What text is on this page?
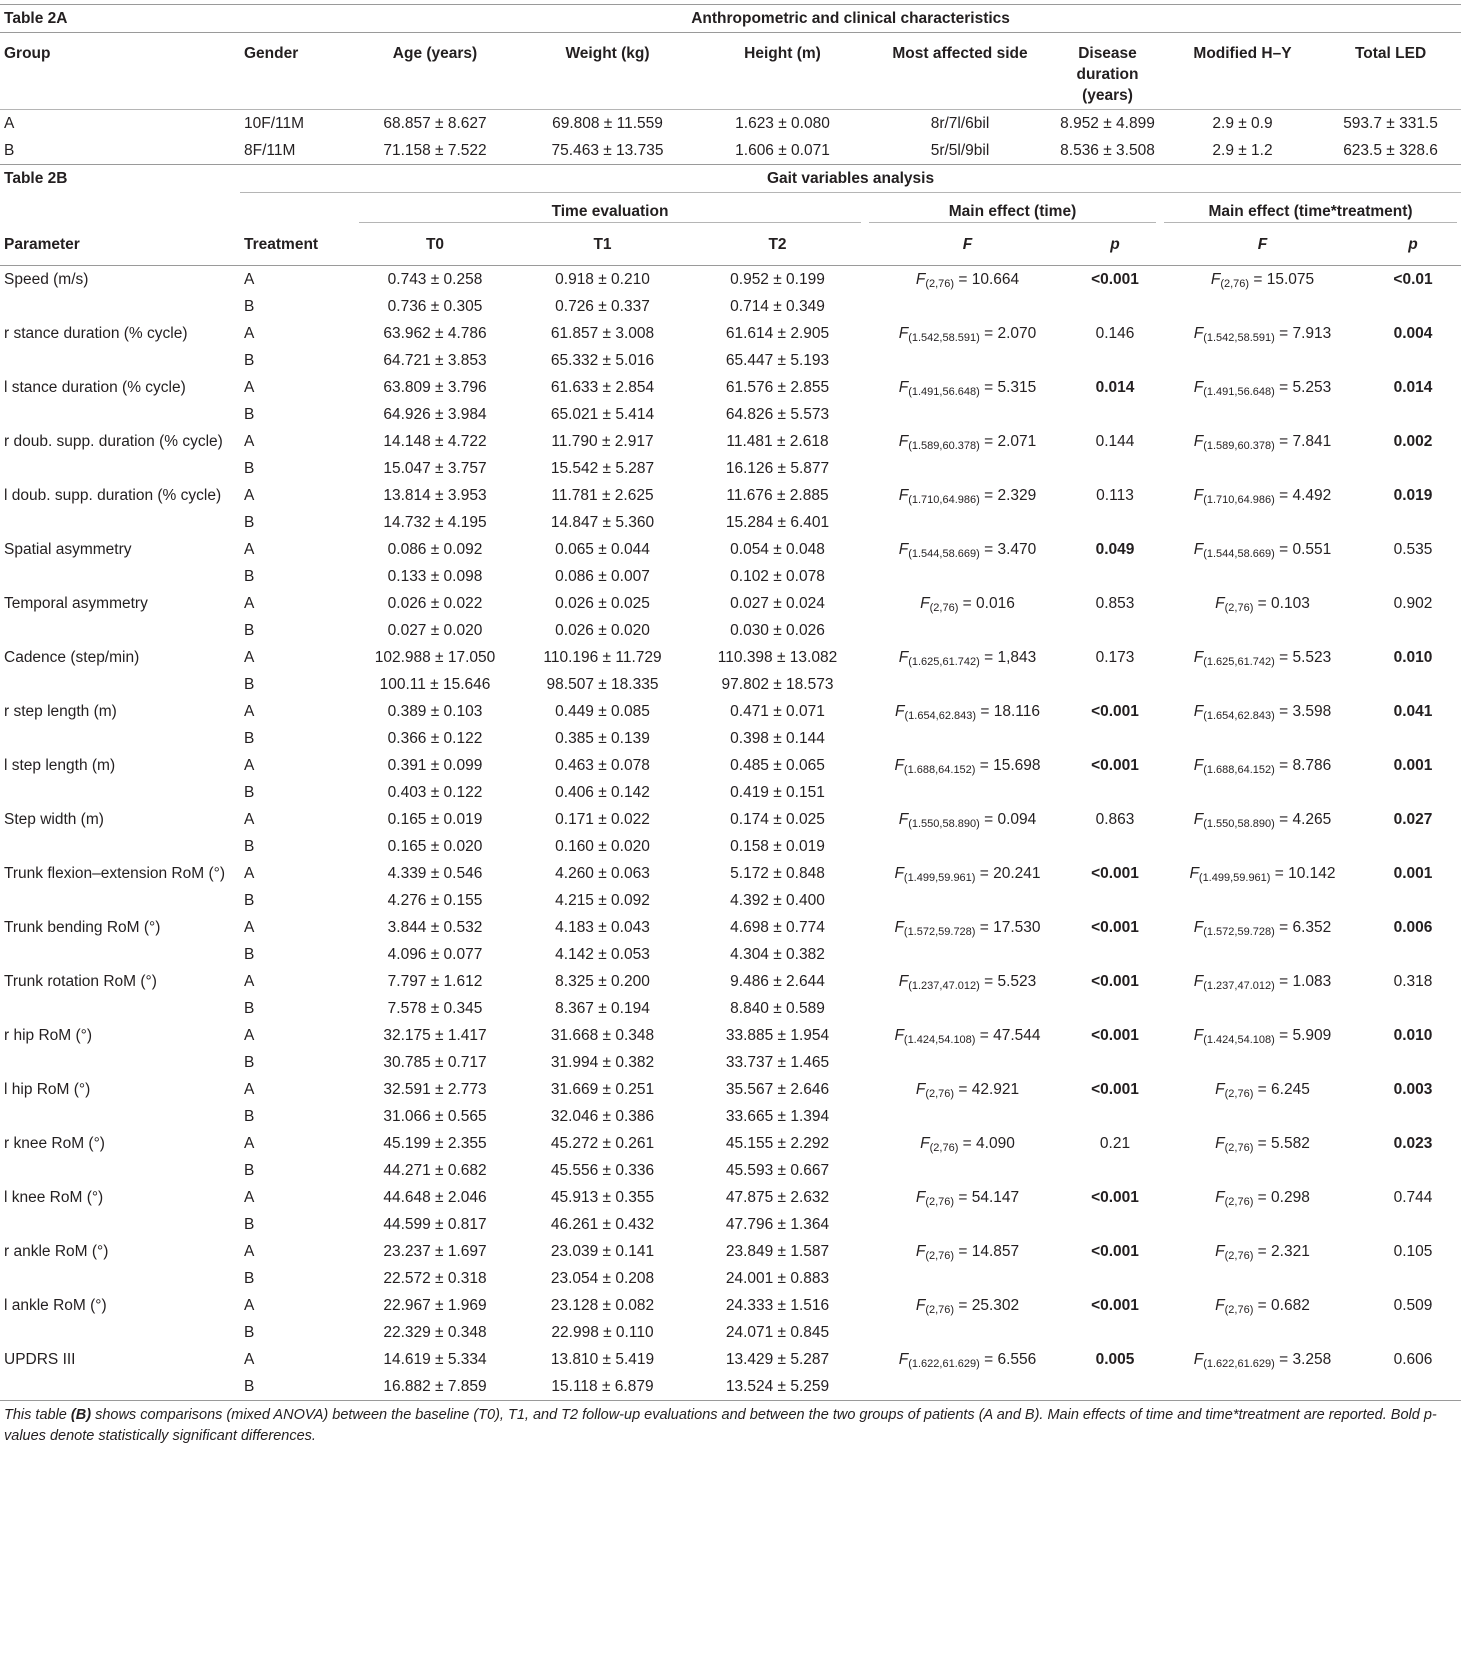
Table 2A	Anthropometric and clinical characteristics							
Group	Gender	Age (years)	Weight (kg)	Height (m)	Most affected side	Disease duration (years)	Modified H–Y	Total LED
A	10F/11M	68.857 ± 8.627	69.808 ± 11.559	1.623 ± 0.080	8r/7l/6bil	8.952 ± 4.899	2.9 ± 0.9	593.7 ± 331.5
B	8F/11M	71.158 ± 7.522	75.463 ± 13.735	1.606 ± 0.071	5r/5l/9bil	8.536 ± 3.508	2.9 ± 1.2	623.5 ± 328.6
Table 2B	Gait variables analysis							

		Time evaluation			Main effect (time)		Main effect (time*treatment)	

Parameter	Treatment	T0	T1	T2	F	p	F	p
Speed (m/s)	A	0.743 ± 0.258	0.918 ± 0.210	0.952 ± 0.199	$F_{(2,76)} = 10.664$	<0.001	$F_{(2,76)} = 15.075$	<0.01
	B	0.736 ± 0.305	0.726 ± 0.337	0.714 ± 0.349				
r stance duration (% cycle)	A	63.962 ± 4.786	61.857 ± 3.008	61.614 ± 2.905	$F_{(1.542,58.591)} = 2.070$	0.146	$F_{(1.542,58.591)} = 7.913$	0.004
	B	64.721 ± 3.853	65.332 ± 5.016	65.447 ± 5.193				
l stance duration (% cycle)	A	63.809 ± 3.796	61.633 ± 2.854	61.576 ± 2.855	$F_{(1.491,56.648)} = 5.315$	0.014	$F_{(1.491,56.648)} = 5.253$	0.014
	B	64.926 ± 3.984	65.021 ± 5.414	64.826 ± 5.573				
r doub. supp. duration (% cycle)	A	14.148 ± 4.722	11.790 ± 2.917	11.481 ± 2.618	$F_{(1.589,60.378)} = 2.071$	0.144	$F_{(1.589,60.378)} = 7.841$	0.002
	B	15.047 ± 3.757	15.542 ± 5.287	16.126 ± 5.877				
l doub. supp. duration (% cycle)	A	13.814 ± 3.953	11.781 ± 2.625	11.676 ± 2.885	$F_{(1.710,64.986)} = 2.329$	0.113	$F_{(1.710,64.986)} = 4.492$	0.019
	B	14.732 ± 4.195	14.847 ± 5.360	15.284 ± 6.401				
Spatial asymmetry	A	0.086 ± 0.092	0.065 ± 0.044	0.054 ± 0.048	$F_{(1.544,58.669)} = 3.470$	0.049	$F_{(1.544,58.669)} = 0.551$	0.535
	B	0.133 ± 0.098	0.086 ± 0.007	0.102 ± 0.078				
Temporal asymmetry	A	0.026 ± 0.022	0.026 ± 0.025	0.027 ± 0.024	$F_{(2,76)} = 0.016$	0.853	$F_{(2,76)} = 0.103$	0.902
	B	0.027 ± 0.020	0.026 ± 0.020	0.030 ± 0.026				
Cadence (step/min)	A	102.988 ± 17.050	110.196 ± 11.729	110.398 ± 13.082	$F_{(1.625,61.742)} = 1,843$	0.173	$F_{(1.625,61.742)} = 5.523$	0.010
	B	100.11 ± 15.646	98.507 ± 18.335	97.802 ± 18.573				
r step length (m)	A	0.389 ± 0.103	0.449 ± 0.085	0.471 ± 0.071	$F_{(1.654,62.843)} = 18.116$	<0.001	$F_{(1.654,62.843)} = 3.598$	0.041
	B	0.366 ± 0.122	0.385 ± 0.139	0.398 ± 0.144				
l step length (m)	A	0.391 ± 0.099	0.463 ± 0.078	0.485 ± 0.065	$F_{(1.688,64.152)} = 15.698$	<0.001	$F_{(1.688,64.152)} = 8.786$	0.001
	B	0.403 ± 0.122	0.406 ± 0.142	0.419 ± 0.151				
Step width (m)	A	0.165 ± 0.019	0.171 ± 0.022	0.174 ± 0.025	$F_{(1.550,58.890)} = 0.094$	0.863	$F_{(1.550,58.890)} = 4.265$	0.027
	B	0.165 ± 0.020	0.160 ± 0.020	0.158 ± 0.019				
Trunk flexion–extension RoM (°)	A	4.339 ± 0.546	4.260 ± 0.063	5.172 ± 0.848	$F_{(1.499,59.961)} = 20.241$	<0.001	$F_{(1.499,59.961)} = 10.142$	0.001
	B	4.276 ± 0.155	4.215 ± 0.092	4.392 ± 0.400				
Trunk bending RoM (°)	A	3.844 ± 0.532	4.183 ± 0.043	4.698 ± 0.774	$F_{(1.572,59.728)} = 17.530$	<0.001	$F_{(1.572,59.728)} = 6.352$	0.006
	B	4.096 ± 0.077	4.142 ± 0.053	4.304 ± 0.382				
Trunk rotation RoM (°)	A	7.797 ± 1.612	8.325 ± 0.200	9.486 ± 2.644	$F_{(1.237,47.012)} = 5.523$	<0.001	$F_{(1.237,47.012)} = 1.083$	0.318
	B	7.578 ± 0.345	8.367 ± 0.194	8.840 ± 0.589				
r hip RoM (°)	A	32.175 ± 1.417	31.668 ± 0.348	33.885 ± 1.954	$F_{(1.424,54.108)} = 47.544$	<0.001	$F_{(1.424,54.108)} = 5.909$	0.010
	B	30.785 ± 0.717	31.994 ± 0.382	33.737 ± 1.465				
l hip RoM (°)	A	32.591 ± 2.773	31.669 ± 0.251	35.567 ± 2.646	$F_{(2,76)} = 42.921$	<0.001	$F_{(2,76)} = 6.245$	0.003
	B	31.066 ± 0.565	32.046 ± 0.386	33.665 ± 1.394				
r knee RoM (°)	A	45.199 ± 2.355	45.272 ± 0.261	45.155 ± 2.292	$F_{(2,76)} = 4.090$	0.21	$F_{(2,76)} = 5.582$	0.023
	B	44.271 ± 0.682	45.556 ± 0.336	45.593 ± 0.667				
l knee RoM (°)	A	44.648 ± 2.046	45.913 ± 0.355	47.875 ± 2.632	$F_{(2,76)} = 54.147$	<0.001	$F_{(2,76)} = 0.298$	0.744
	B	44.599 ± 0.817	46.261 ± 0.432	47.796 ± 1.364				
r ankle RoM (°)	A	23.237 ± 1.697	23.039 ± 0.141	23.849 ± 1.587	$F_{(2,76)} = 14.857$	<0.001	$F_{(2,76)} = 2.321$	0.105
	B	22.572 ± 0.318	23.054 ± 0.208	24.001 ± 0.883				
l ankle RoM (°)	A	22.967 ± 1.969	23.128 ± 0.082	24.333 ± 1.516	$F_{(2,76)} = 25.302$	<0.001	$F_{(2,76)} = 0.682$	0.509
	B	22.329 ± 0.348	22.998 ± 0.110	24.071 ± 0.845				
UPDRS III	A	14.619 ± 5.334	13.810 ± 5.419	13.429 ± 5.287	$F_{(1.622,61.629)} = 6.556$	0.005	$F_{(1.622,61.629)} = 3.258$	0.606
	B	16.882 ± 7.859	15.118 ± 6.879	13.524 ± 5.259				
This table (B) shows comparisons (mixed ANOVA) between the baseline (T0), T1, and T2 follow-up evaluations and between the two groups of patients (A and B). Main effects of time and time*treatment are reported. Bold p-values denote statistically significant differences.
